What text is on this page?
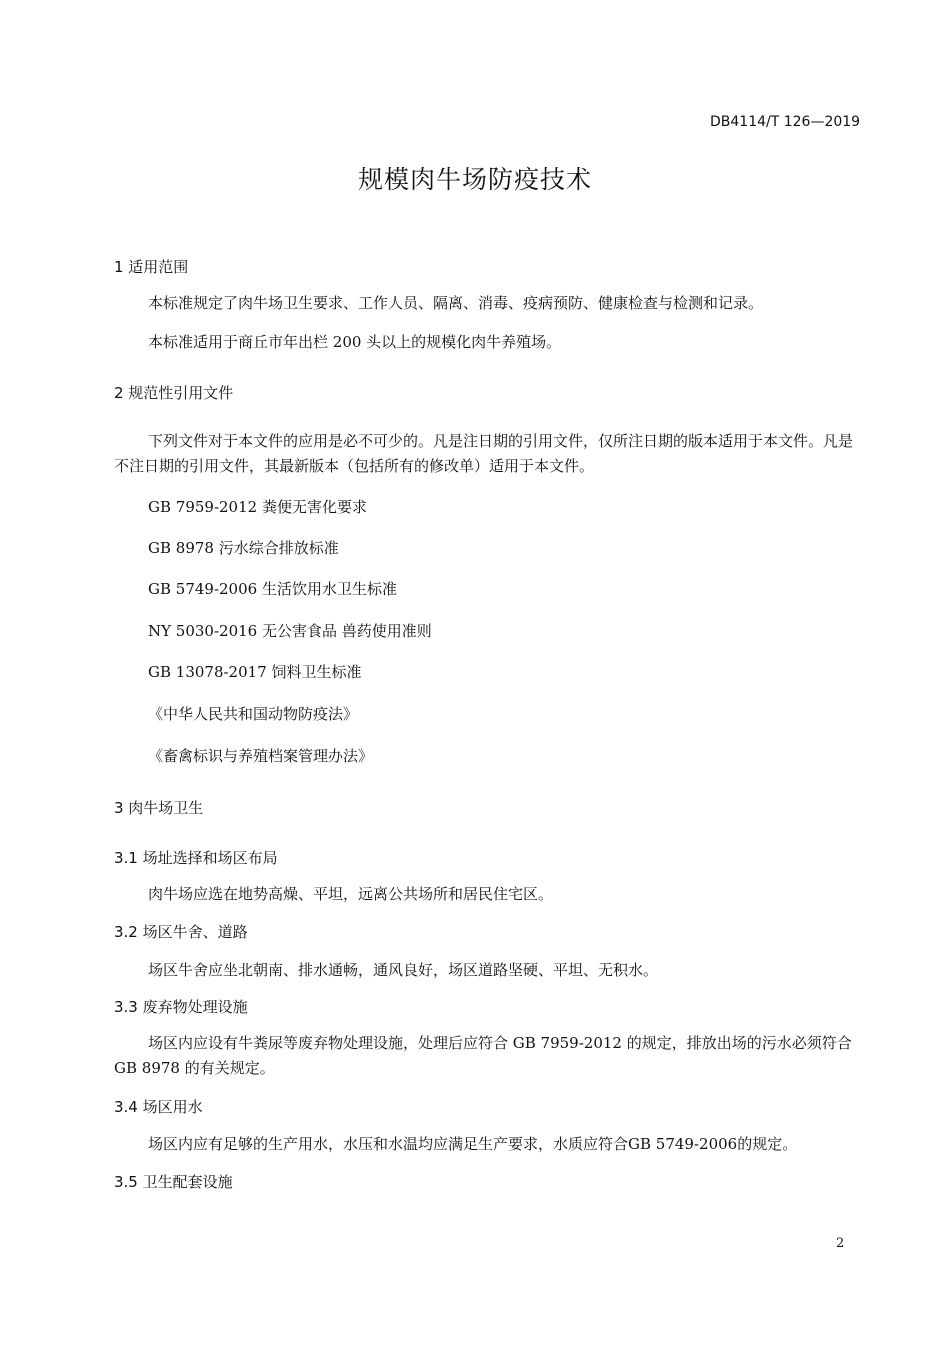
DB4114/T 126—2019
规模肉牛场防疫技术
1 适用范围
本标准规定了肉牛场卫生要求、工作人员、隔离、消毒、疫病预防、健康检查与检测和记录。
本标准适用于商丘市年出栏 200 头以上的规模化肉牛养殖场。
2 规范性引用文件
下列文件对于本文件的应用是必不可少的。凡是注日期的引用文件，仅所注日期的版本适用于本文件。凡是不注日期的引用文件，其最新版本（包括所有的修改单）适用于本文件。
GB 7959-2012 粪便无害化要求
GB 8978 污水综合排放标准
GB 5749-2006 生活饮用水卫生标准
NY 5030-2016 无公害食品 兽药使用准则
GB 13078-2017 饲料卫生标准
《中华人民共和国动物防疫法》
《畜禽标识与养殖档案管理办法》
3 肉牛场卫生
3.1 场址选择和场区布局
肉牛场应选在地势高燥、平坦，远离公共场所和居民住宅区。
3.2 场区牛舍、道路
场区牛舍应坐北朝南、排水通畅，通风良好，场区道路坚硬、平坦、无积水。
3.3 废弃物处理设施
场区内应设有牛粪尿等废弃物处理设施，处理后应符合 GB 7959-2012 的规定，排放出场的污水必须符合 GB 8978 的有关规定。
3.4 场区用水
场区内应有足够的生产用水，水压和水温均应满足生产要求，水质应符合GB 5749-2006的规定。
3.5 卫生配套设施
2
